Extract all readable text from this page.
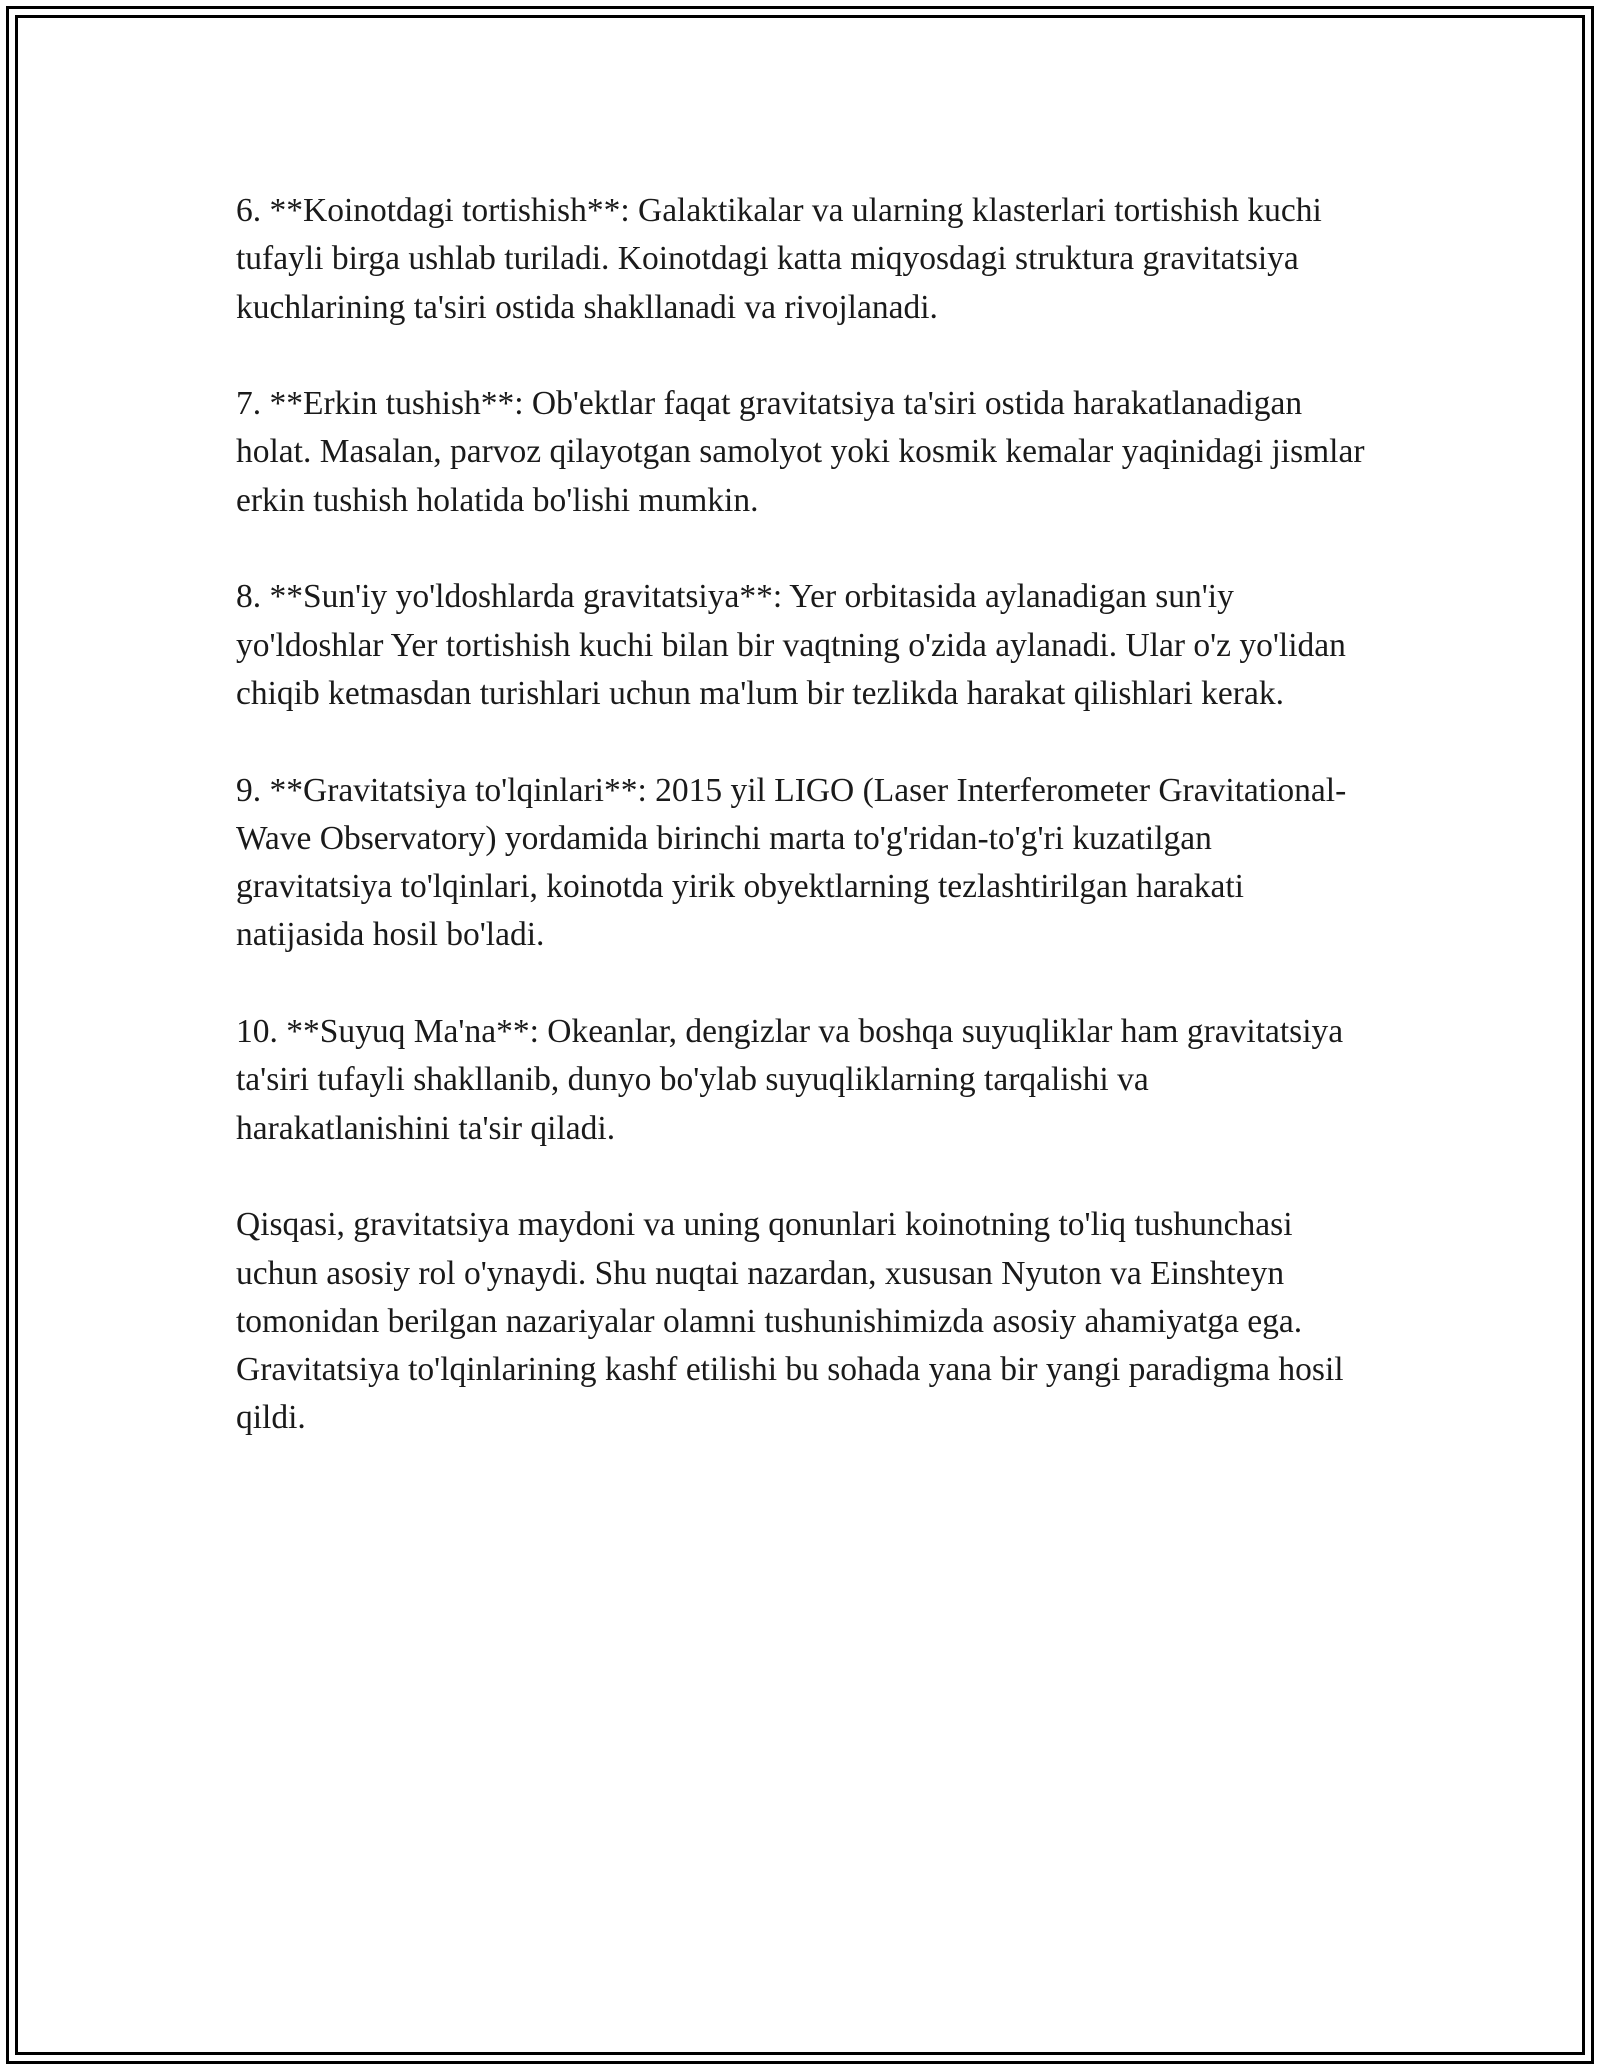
6. **Koinotdagi tortishish**: Galaktikalar va ularning klasterlari tortishish kuchi tufayli birga ushlab turiladi. Koinotdagi katta miqyosdagi struktura gravitatsiya kuchlarining ta'siri ostida shakllanadi va rivojlanadi.

7. **Erkin tushish**: Ob'ektlar faqat gravitatsiya ta'siri ostida harakatlanadigan holat. Masalan, parvoz qilayotgan samolyot yoki kosmik kemalar yaqinidagi jismlar erkin tushish holatida bo'lishi mumkin.

8. **Sun'iy yo'ldoshlarda gravitatsiya**: Yer orbitasida aylanadigan sun'iy yo'ldoshlar Yer tortishish kuchi bilan bir vaqtning o'zida aylanadi. Ular o'z yo'lidan chiqib ketmasdan turishlari uchun ma'lum bir tezlikda harakat qilishlari kerak.

9. **Gravitatsiya to'lqinlari**: 2015 yil LIGO (Laser Interferometer Gravitational-Wave Observatory) yordamida birinchi marta to'g'ridan-to'g'ri kuzatilgan gravitatsiya to'lqinlari, koinotda yirik obyektlarning tezlashtirilgan harakati natijasida hosil bo'ladi.

10. **Suyuq Ma'na**: Okeanlar, dengizlar va boshqa suyuqliklar ham gravitatsiya ta'siri tufayli shakllanib, dunyo bo'ylab suyuqliklarning tarqalishi va harakatlanishini ta'sir qiladi.

Qisqasi, gravitatsiya maydoni va uning qonunlari koinotning to'liq tushunchasi uchun asosiy rol o'ynaydi. Shu nuqtai nazardan, xususan Nyuton va Einshteyn tomonidan berilgan nazariyalar olamni tushunishimizda asosiy ahamiyatga ega. Gravitatsiya to'lqinlarining kashf etilishi bu sohada yana bir yangi paradigma hosil qildi.
